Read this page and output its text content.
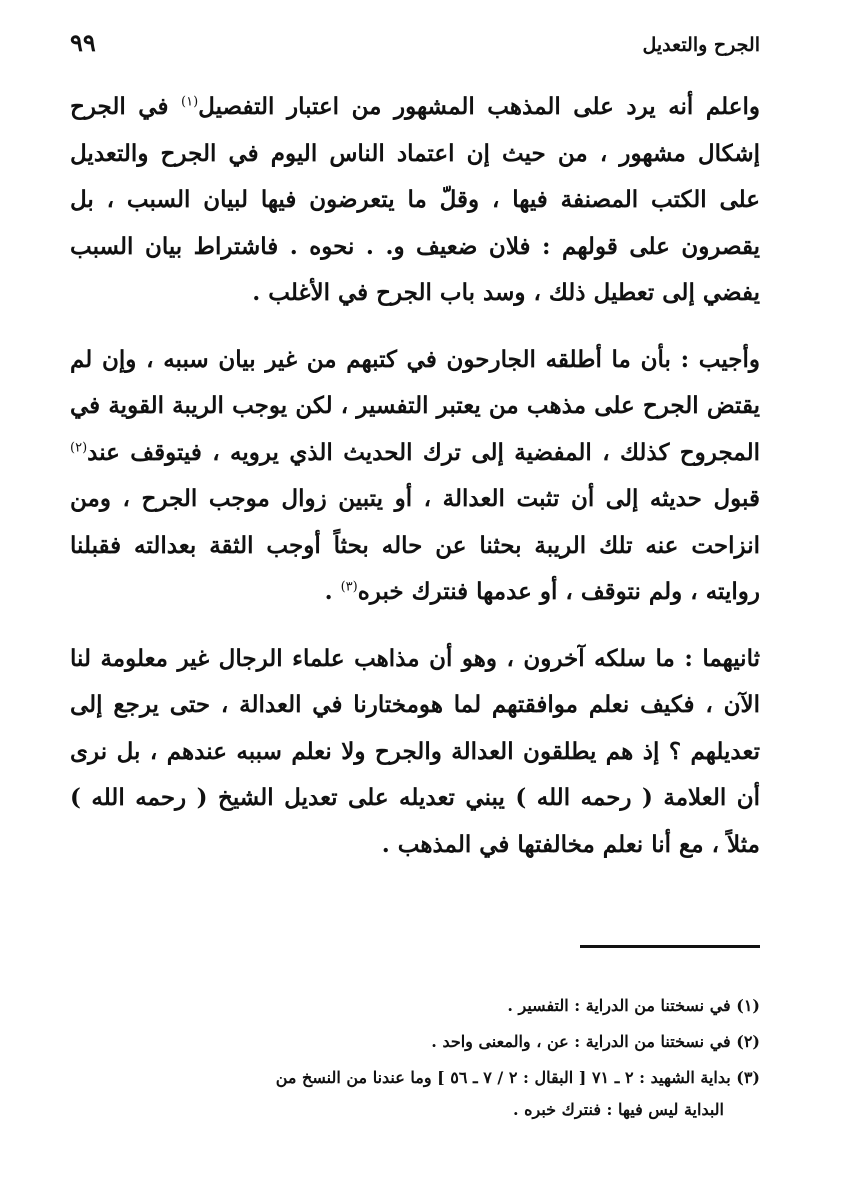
الجرح والتعديل
٩٩

واعلم أنه يرد على المذهب المشهور من اعتبار التفصيل$^{(١)}$ في الجرح إشكال مشهور ، من حيث إن اعتماد الناس اليوم في الجرح والتعديل على الكتب المصنفة فيها ، وقلّ ما يتعرضون فيها لبيان السبب ، بل يقصرون على قولهم : فلان ضعيف و. . نحوه . فاشتراط بيان السبب يفضي إلى تعطيل ذلك ، وسد باب الجرح في الأغلب .

وأجيب : بأن ما أطلقه الجارحون في كتبهم من غير بيان سببه ، وإن لم يقتض الجرح على مذهب من يعتبر التفسير ، لكن يوجب الريبة القوية في المجروح كذلك ، المفضية إلى ترك الحديث الذي يرويه ، فيتوقف عند$^{(٢)}$ قبول حديثه إلى أن تثبت العدالة ، أو يتبين زوال موجب الجرح ، ومن انزاحت عنه تلك الريبة بحثنا عن حاله بحثاً أوجب الثقة بعدالته فقبلنا روايته ، ولم نتوقف ، أو عدمها فنترك خبره$^{(٣)}$ .

ثانيهما : ما سلكه آخرون ، وهو أن مذاهب علماء الرجال غير معلومة لنا الآن ، فكيف نعلم موافقتهم لما هومختارنا في العدالة ، حتى يرجع إلى تعديلهم ؟ إذ هم يطلقون العدالة والجرح ولا نعلم سببه عندهم ، بل نرى أن العلامة ( رحمه الله ) يبني تعديله على تعديل الشيخ ( رحمه الله ) مثلاً ، مع أنا نعلم مخالفتها في المذهب .

(١) في نسختنا من الدراية : التفسير .

(٢) في نسختنا من الدراية : عن ، والمعنى واحد .

(٣) بداية الشهيد : ٢ ـ ٧١ [ البقال : ٢ / ٧ ـ ٥٦ ] وما عندنا من النسخ من
البداية ليس فيها : فنترك خبره .
